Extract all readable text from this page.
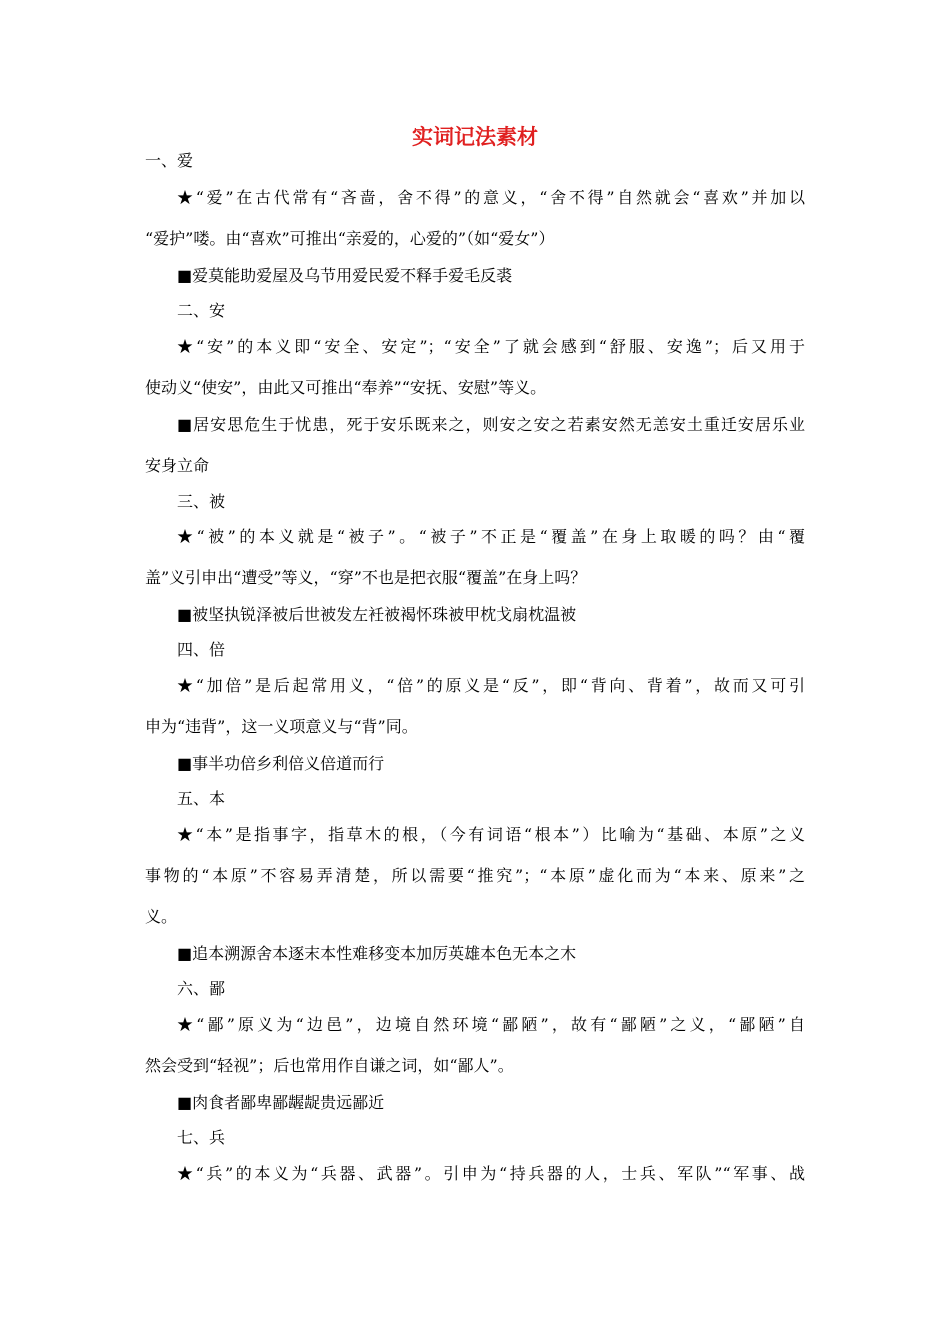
实词记法素材
一、爱
★“爱”在古代常有“吝啬，舍不得”的意义，“舍不得”自然就会“喜欢”并加以
“爱护”喽。由“喜欢”可推出“亲爱的，心爱的”（如“爱女”）
■爱莫能助爱屋及乌节用爱民爱不释手爱毛反裘
二、安
★“安”的本义即“安全、安定”；“安全”了就会感到“舒服、安逸”；后又用于
使动义“使安”，由此又可推出“奉养”“安抚、安慰”等义。
■居安思危生于忧患，死于安乐既来之，则安之安之若素安然无恙安土重迁安居乐业
安身立命
三、被
★“被”的本义就是“被子”。“被子”不正是“覆盖”在身上取暖的吗？由“覆
盖”义引申出“遭受”等义，“穿”不也是把衣服“覆盖”在身上吗？
■被坚执锐泽被后世被发左衽被褐怀珠被甲枕戈扇枕温被
四、倍
★“加倍”是后起常用义，“倍”的原义是“反”，即“背向、背着”，故而又可引
申为“违背”，这一义项意义与“背”同。
■事半功倍乡利倍义倍道而行
五、本
★“本”是指事字，指草木的根，（今有词语“根本”）比喻为“基础、本原”之义
事物的“本原”不容易弄清楚，所以需要“推究”；“本原”虚化而为“本来、原来”之
义。
■追本溯源舍本逐末本性难移变本加厉英雄本色无本之木
六、鄙
★“鄙”原义为“边邑”，边境自然环境“鄙陋”，故有“鄙陋”之义，“鄙陋”自
然会受到“轻视”；后也常用作自谦之词，如“鄙人”。
■肉食者鄙卑鄙龌龊贵远鄙近
七、兵
★“兵”的本义为“兵器、武器”。引申为“持兵器的人，士兵、军队”“军事、战
